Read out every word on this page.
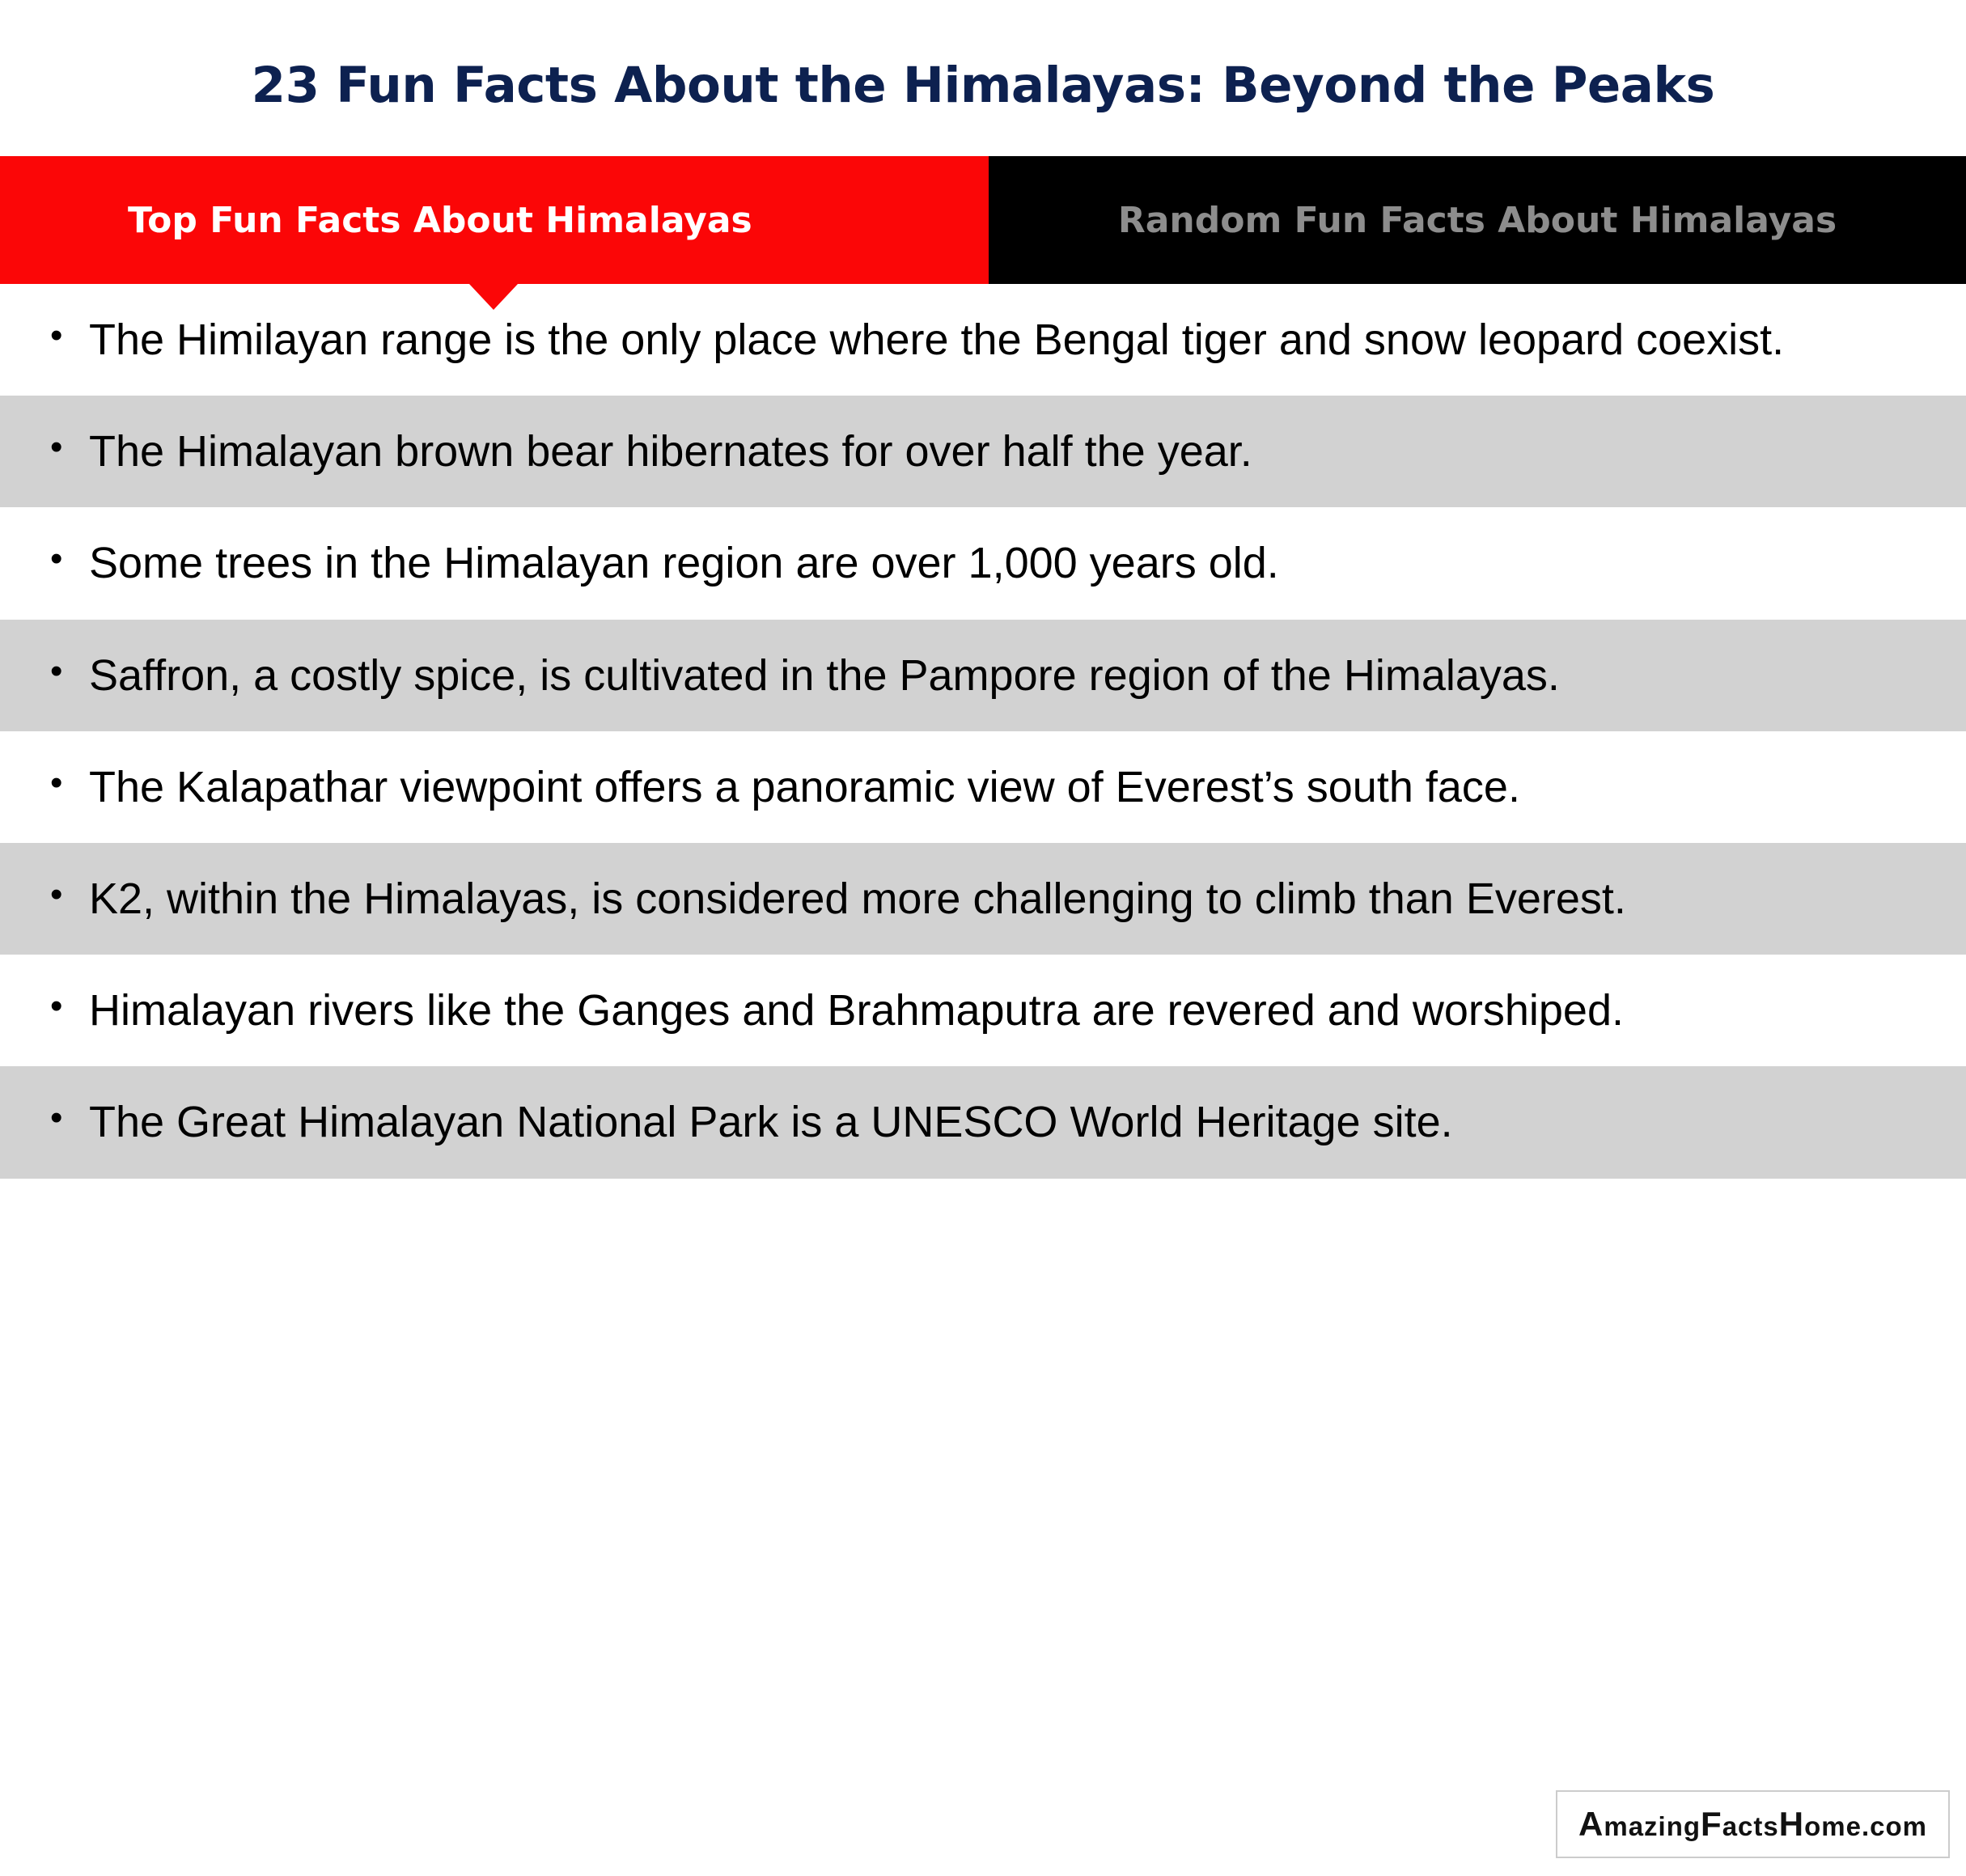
23 Fun Facts About the Himalayas: Beyond the Peaks
Top Fun Facts About Himalayas	Random Fun Facts About Himalayas
• The Himilayan range is the only place where the Bengal tiger and snow leopard coexist.
• The Himalayan brown bear hibernates for over half the year.
• Some trees in the Himalayan region are over 1,000 years old.
• Saffron, a costly spice, is cultivated in the Pampore region of the Himalayas.
• The Kalapathar viewpoint offers a panoramic view of Everest’s south face.
• K2, within the Himalayas, is considered more challenging to climb than Everest.
• Himalayan rivers like the Ganges and Brahmaputra are revered and worshiped.
• The Great Himalayan National Park is a UNESCO World Heritage site.
AmazingFactsHome.com
